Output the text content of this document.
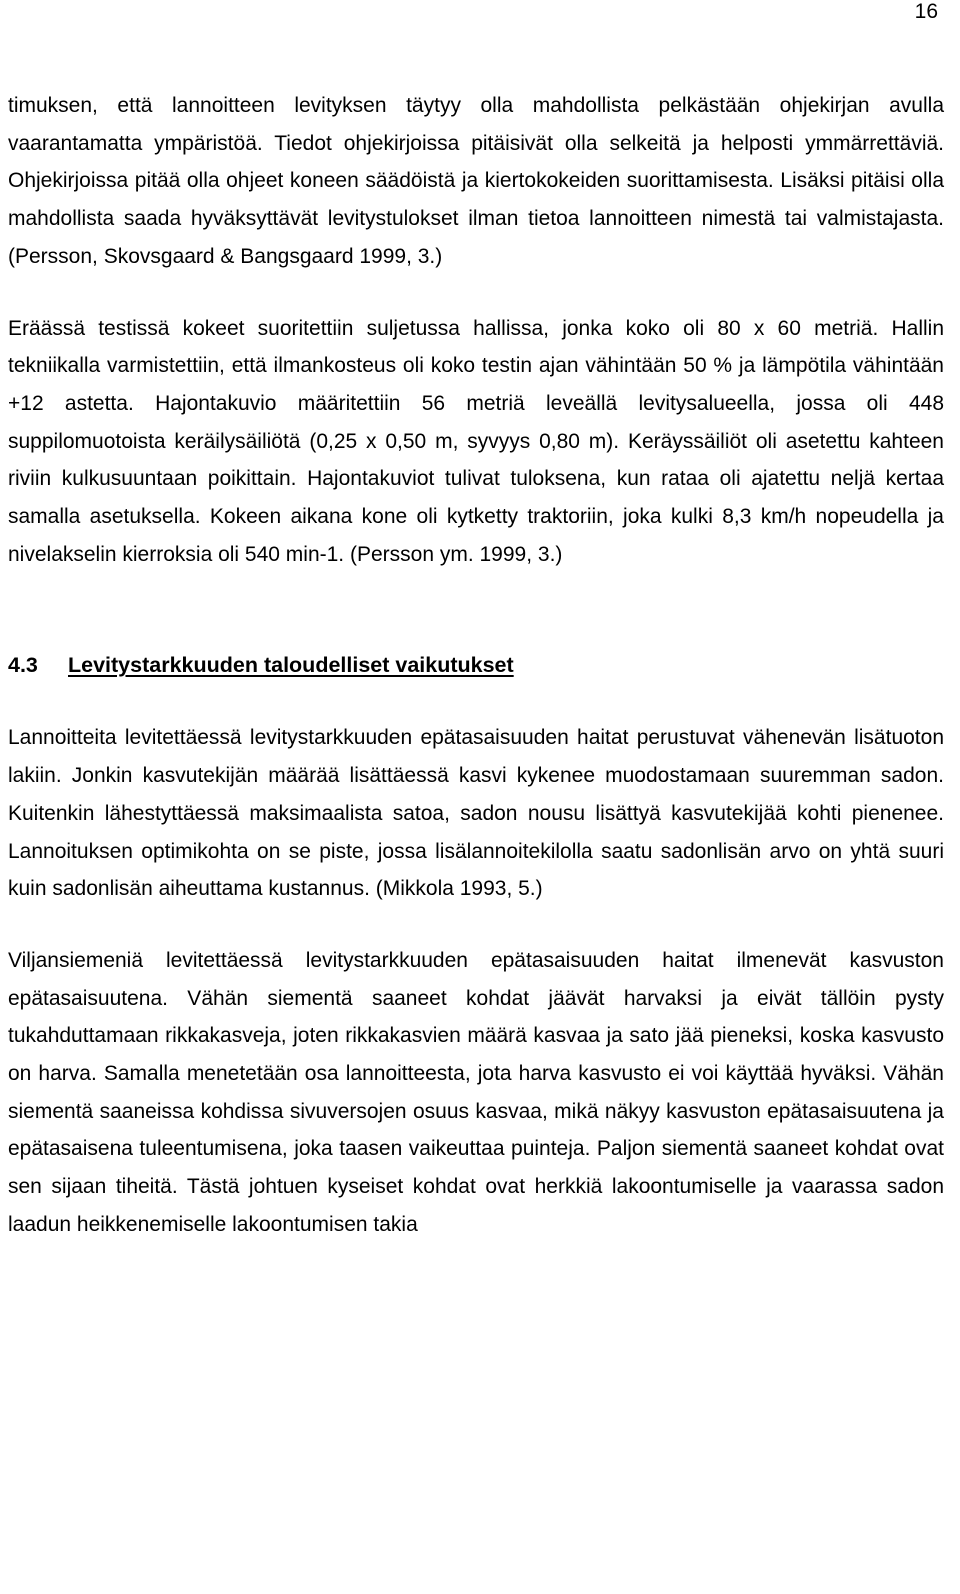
16

timuksen, että lannoitteen levityksen täytyy olla mahdollista pelkästään ohjekirjan avulla vaarantamatta ympäristöä. Tiedot ohjekirjoissa pitäisivät olla selkeitä ja helposti ymmärrettäviä. Ohjekirjoissa pitää olla ohjeet koneen säädöistä ja kiertokokeiden suorittamisesta. Lisäksi pitäisi olla mahdollista saada hyväksyttävät levitystulokset ilman tietoa lannoitteen nimestä tai valmistajasta. (Persson, Skovsgaard & Bangsgaard 1999, 3.)

Eräässä testissä kokeet suoritettiin suljetussa hallissa, jonka koko oli 80 x 60 metriä. Hallin tekniikalla varmistettiin, että ilmankosteus oli koko testin ajan vähintään 50 % ja lämpötila vähintään +12 astetta. Hajontakuvio määritettiin 56 metriä leveällä levitysalueella, jossa oli 448 suppilomuotoista keräilysäiliötä (0,25 x 0,50 m, syvyys 0,80 m). Keräyssäiliöt oli asetettu kahteen riviin kulkusuuntaan poikittain. Hajontakuviot tulivat tuloksena, kun rataa oli ajatettu neljä kertaa samalla asetuksella. Kokeen aikana kone oli kytketty traktoriin, joka kulki 8,3 km/h nopeudella ja nivelakselin kierroksia oli 540 min-1. (Persson ym. 1999, 3.)

4.3	Levitystarkkuuden taloudelliset vaikutukset

Lannoitteita levitettäessä levitystarkkuuden epätasaisuuden haitat perustuvat vähenevän lisätuoton lakiin. Jonkin kasvutekijän määrää lisättäessä kasvi kykenee muodostamaan suuremman sadon. Kuitenkin lähestyttäessä maksimaalista satoa, sadon nousu lisättyä kasvutekijää kohti pienenee. Lannoituksen optimikohta on se piste, jossa lisälannoitekilolla saatu sadonlisän arvo on yhtä suuri kuin sadonlisän aiheuttama kustannus. (Mikkola 1993, 5.)

Viljansiemeniä levitettäessä levitystarkkuuden epätasaisuuden haitat ilmenevät kasvuston epätasaisuutena. Vähän siementä saaneet kohdat jäävät harvaksi ja eivät tällöin pysty tukahduttamaan rikkakasveja, joten rikkakasvien määrä kasvaa ja sato jää pieneksi, koska kasvusto on harva. Samalla menetetään osa lannoitteesta, jota harva kasvusto ei voi käyttää hyväksi. Vähän siementä saaneissa kohdissa sivuversojen osuus kasvaa, mikä näkyy kasvuston epätasaisuutena ja epätasaisena tuleentumisena, joka taasen vaikeuttaa puinteja. Paljon siementä saaneet kohdat ovat sen sijaan tiheitä. Tästä johtuen kyseiset kohdat ovat herkkiä lakoontumiselle ja vaarassa sadon laadun heikkenemiselle lakoontumisen takia
